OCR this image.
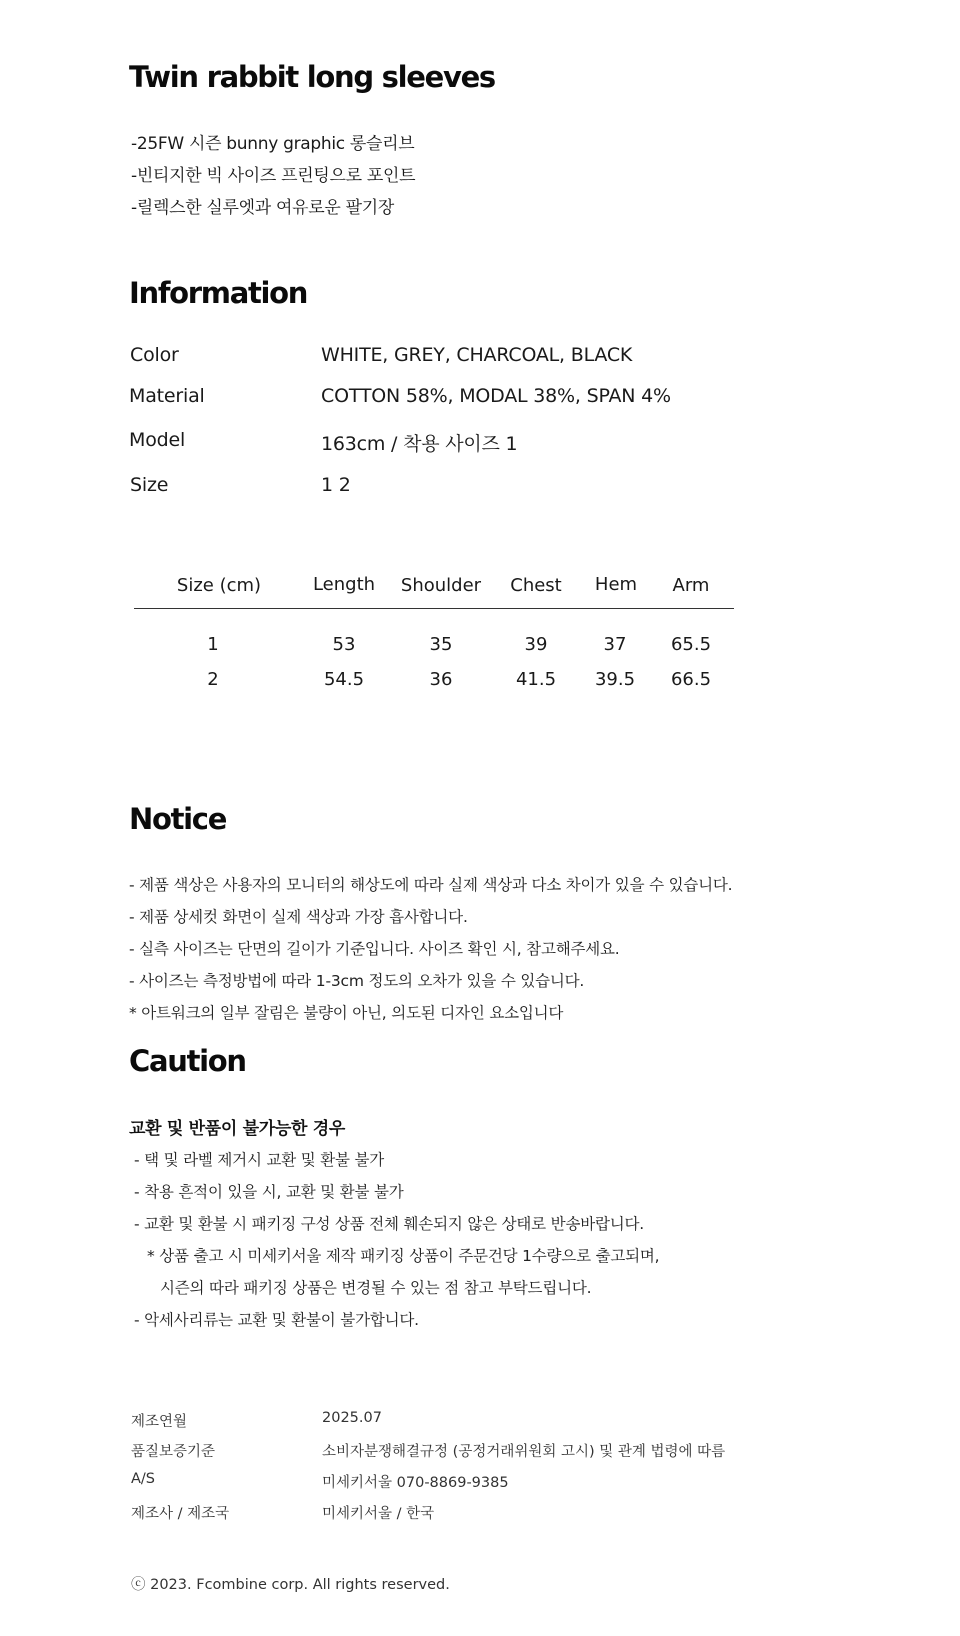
Twin rabbit long sleeves
-25FW 시즌 bunny graphic 롱슬리브
-빈티지한 빅 사이즈 프린팅으로 포인트
-릴렉스한 실루엣과 여유로운 팔기장
Information
Color	WHITE, GREY, CHARCOAL, BLACK
Material	COTTON 58%, MODAL 38%, SPAN 4%
Model	163cm / 착용 사이즈 1
Size	1 2
Size (cm)	Length Shoulder Chest Hem Arm
1	53	35	39	37 65.5
2	54.5	36	41.5 39.5 66.5
Notice
- 제품 색상은 사용자의 모니터의 해상도에 따라 실제 색상과 다소 차이가 있을 수 있습니다.
- 제품 상세컷 화면이 실제 색상과 가장 흡사합니다.
- 실측 사이즈는 단면의 길이가 기준입니다. 사이즈 확인 시, 참고해주세요.
- 사이즈는 측정방법에 따라 1-3cm 정도의 오차가 있을 수 있습니다.
* 아트워크의 일부 잘림은 불량이 아닌, 의도된 디자인 요소입니다
Caution
교환 및 반품이 불가능한 경우
- 택 및 라벨 제거시 교환 및 환불 불가
- 착용 흔적이 있을 시, 교환 및 환불 불가
- 교환 및 환불 시 패키징 구성 상품 전체 훼손되지 않은 상태로 반송바랍니다.
* 상품 출고 시 미세키서울 제작 패키징 상품이 주문건당 1수량으로 출고되며,
시즌의 따라 패키징 상품은 변경될 수 있는 점 참고 부탁드립니다.
- 악세사리류는 교환 및 환불이 불가합니다.
제조연월	2025.07
품질보증기준	소비자분쟁해결규정 (공정거래위원회 고시) 및 관계 법령에 따름
A/S	미세키서울 070-8869-9385
제조사 / 제조국	미세키서울 / 한국
ⓒ 2023. Fcombine corp. All rights reserved.
